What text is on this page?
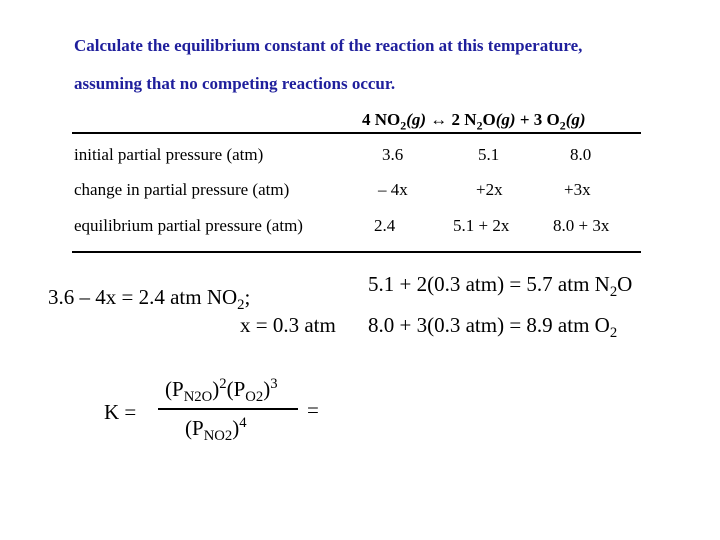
Calculate the equilibrium constant of the reaction at this temperature,
assuming that no competing reactions occur.
4 $NO_2(g)$ ↔ 2 $N_2O(g) + 3$ $O_2(g)$
initial partial pressure (atm)	3.6	5.1	8.0
change in partial pressure (atm)	– 4x	+2x	+3x
equilibrium partial pressure (atm)	2.4	5.1 + 2x	8.0 + 3x
5.1 + 2(0.3 atm) = 5.7 atm $N_2O$
3.6 – 4x = 2.4 atm $NO_2$;
x = 0.3 atm 8.0 + 3(0.3 atm) = 8.9 atm $O_2$
K =
$(P_{N2O})^2(P_{O2})^3$
$(P_{NO2})^4$
=
